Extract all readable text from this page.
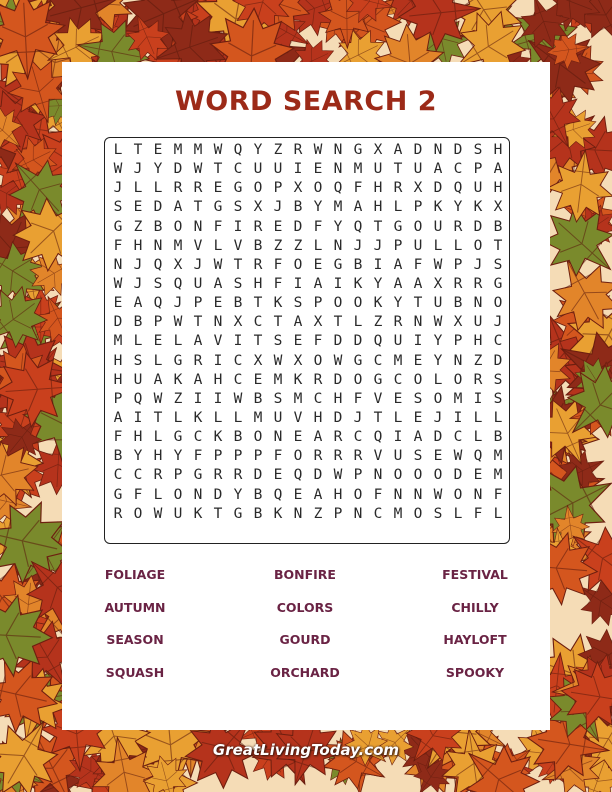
WORD SEARCH 2
L T E M M W Q Y Z R W N G X A D N D S H
W J Y D W T C U U I E N M U T U A C P A
J L L R R E G O P X O Q F H R X D Q U H
S E D A T G S X J B Y M A H L P K Y K X
G Z B O N F I R E D F Y Q T G O U R D B
F H N M V L V B Z Z L N J J P U L L O T
N J Q X J W T R F O E G B I A F W P J S
W J S Q U A S H F I A I K Y A A X R R G
E A Q J P E B T K S P O O K Y T U B N O
D B P W T N X C T A X T L Z R N W X U J
M L E L A V I T S E F D D Q U I Y P H C
H S L G R I C X W X O W G C M E Y N Z D
H U A K A H C E M K R D O G C O L O R S
P Q W Z I I W B S M C H F V E S O M I S
A I T L K L L M U V H D J T L E J I L L
F H L G C K B O N E A R C Q I A D C L B
B Y H Y F P P P F O R R R V U S E W Q M
C C R P G R R D E Q D W P N O O O D E M
G F L O N D Y B Q E A H O F N N W O N F
R O W U K T G B K N Z P N C M O S L F L
FOLIAGE	BONFIRE	FESTIVAL
AUTUMN	COLORS	CHILLY
SEASON	GOURD	HAYLOFT
SQUASH	ORCHARD	SPOOKY
GreatLivingToday.com
